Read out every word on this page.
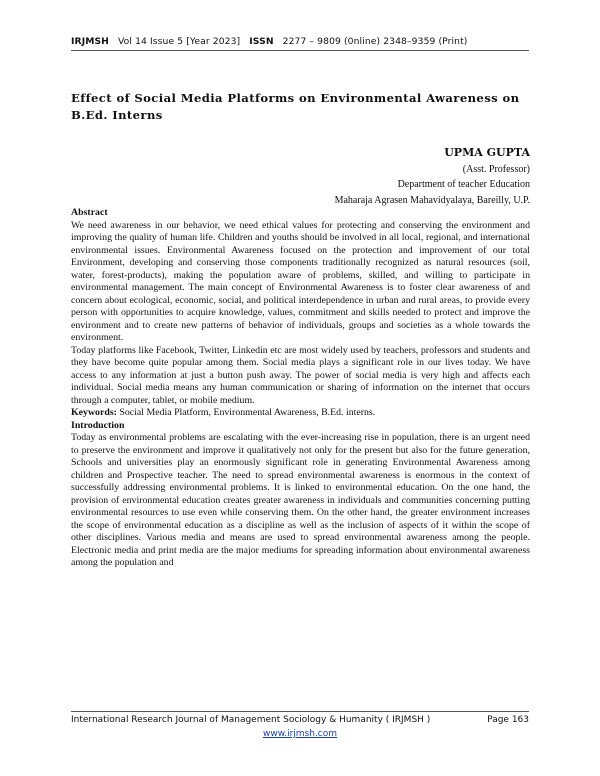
IRJMSH Vol 14 Issue 5 [Year 2023] ISSN 2277 – 9809 (0nline) 2348–9359 (Print)
Effect of Social Media Platforms on Environmental Awareness on B.Ed. Interns
UPMA GUPTA
(Asst. Professor)
Department of teacher Education
Maharaja Agrasen Mahavidyalaya, Bareilly, U.P.
Abstract

We need awareness in our behavior, we need ethical values for protecting and conserving the environment and improving the quality of human life. Children and youths should be involved in all local, regional, and international environmental issues. Environmental Awareness focused on the protection and improvement of our total Environment, developing and conserving those components traditionally recognized as natural resources (soil, water, forest-products), making the population aware of problems, skilled, and willing to participate in environmental management. The main concept of Environmental Awareness is to foster clear awareness of and concern about ecological, economic, social, and political interdependence in urban and rural areas, to provide every person with opportunities to acquire knowledge, values, commitment and skills needed to protect and improve the environment and to create new patterns of behavior of individuals, groups and societies as a whole towards the environment.

Today platforms like Facebook, Twitter, Linkedin etc are most widely used by teachers, professors and students and they have become quite popular among them. Social media plays a significant role in our lives today. We have access to any information at just a button push away. The power of social media is very high and affects each individual. Social media means any human communication or sharing of information on the internet that occurs through a computer, tablet, or mobile medium.

Keywords: Social Media Platform, Environmental Awareness, B.Ed. interns.
Introduction

Today as environmental problems are escalating with the ever-increasing rise in population, there is an urgent need to preserve the environment and improve it qualitatively not only for the present but also for the future generation, Schools and universities play an enormously significant role in generating Environmental Awareness among children and Prospective teacher. The need to spread environmental awareness is enormous in the context of successfully addressing environmental problems. It is linked to environmental education. On the one hand, the provision of environmental education creates greater awareness in individuals and communities concerning putting environmental resources to use even while conserving them. On the other hand, the greater environment increases the scope of environmental education as a discipline as well as the inclusion of aspects of it within the scope of other disciplines. Various media and means are used to spread environmental awareness among the people. Electronic media and print media are the major mediums for spreading information about environmental awareness among the population and

International Research Journal of Management Sociology & Humanity ( IRJMSH )	Page 163
www.irjmsh.com
